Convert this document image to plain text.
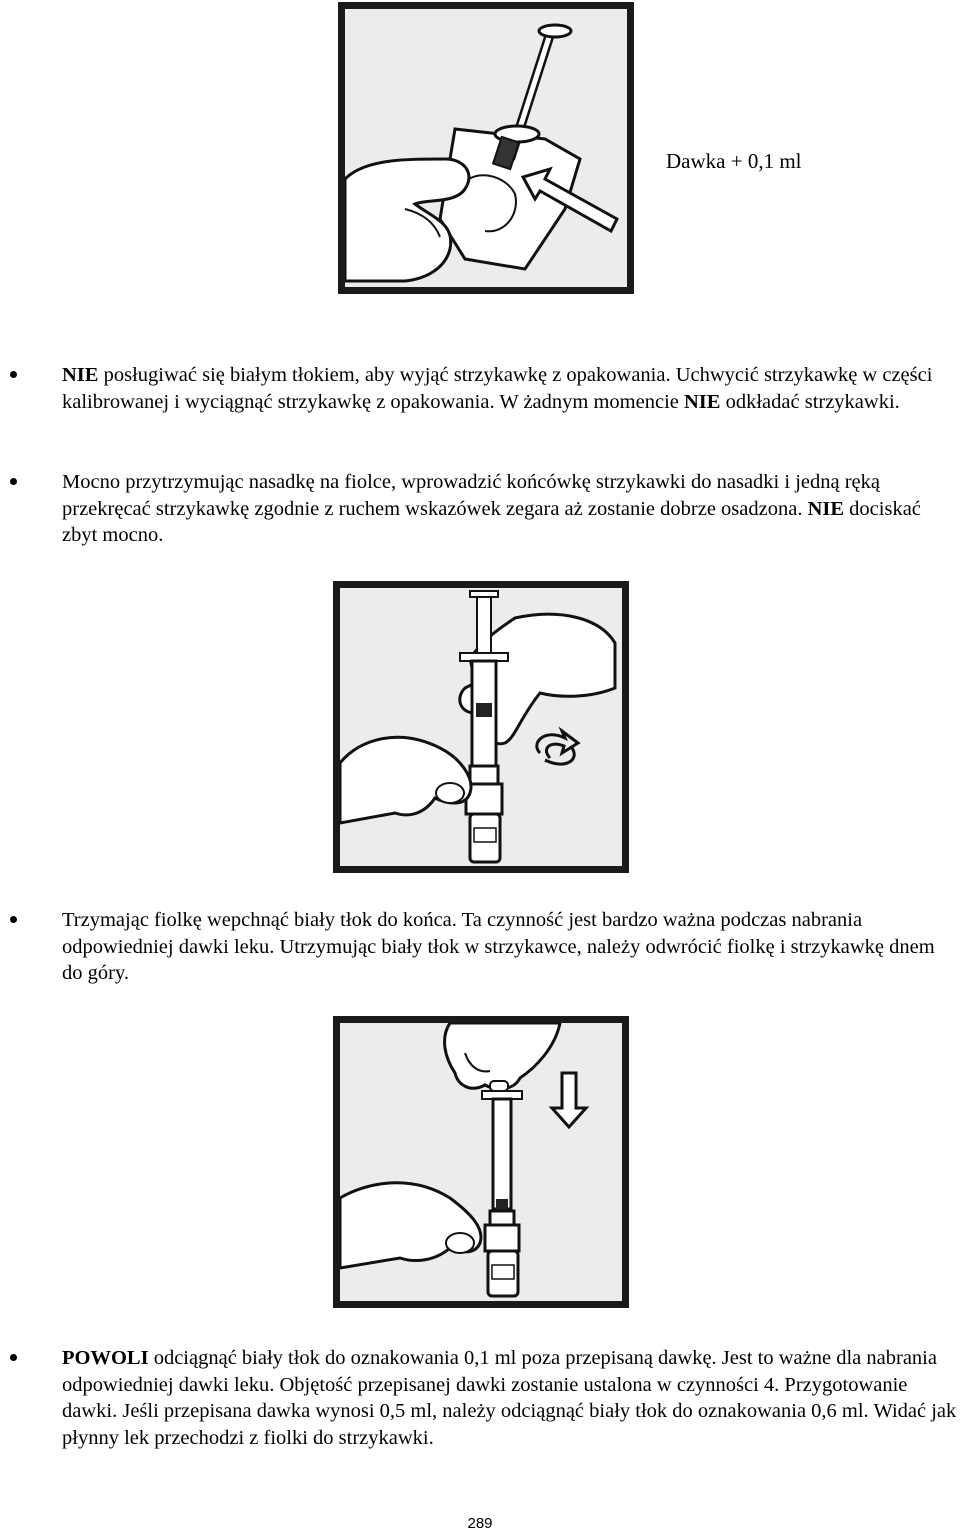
Dawka + 0,1 ml

NIE posługiwać się białym tłokiem, aby wyjąć strzykawkę z opakowania. Uchwycić strzykawkę w części kalibrowanej i wyciągnąć strzykawkę z opakowania. W żadnym momencie NIE odkładać strzykawki.

Mocno przytrzymując nasadkę na fiolce, wprowadzić końcówkę strzykawki do nasadki i jedną ręką przekręcać strzykawkę zgodnie z ruchem wskazówek zegara aż zostanie dobrze osadzona. NIE dociskać zbyt mocno.

Trzymając fiolkę wepchnąć biały tłok do końca. Ta czynność jest bardzo ważna podczas nabrania odpowiedniej dawki leku. Utrzymując biały tłok w strzykawce, należy odwrócić fiolkę i strzykawkę dnem do góry.

POWOLI odciągnąć biały tłok do oznakowania 0,1 ml poza przepisaną dawkę. Jest to ważne dla nabrania odpowiedniej dawki leku. Objętość przepisanej dawki zostanie ustalona w czynności 4. Przygotowanie dawki. Jeśli przepisana dawka wynosi 0,5 ml, należy odciągnąć biały tłok do oznakowania 0,6 ml. Widać jak płynny lek przechodzi z fiolki do strzykawki.

289
